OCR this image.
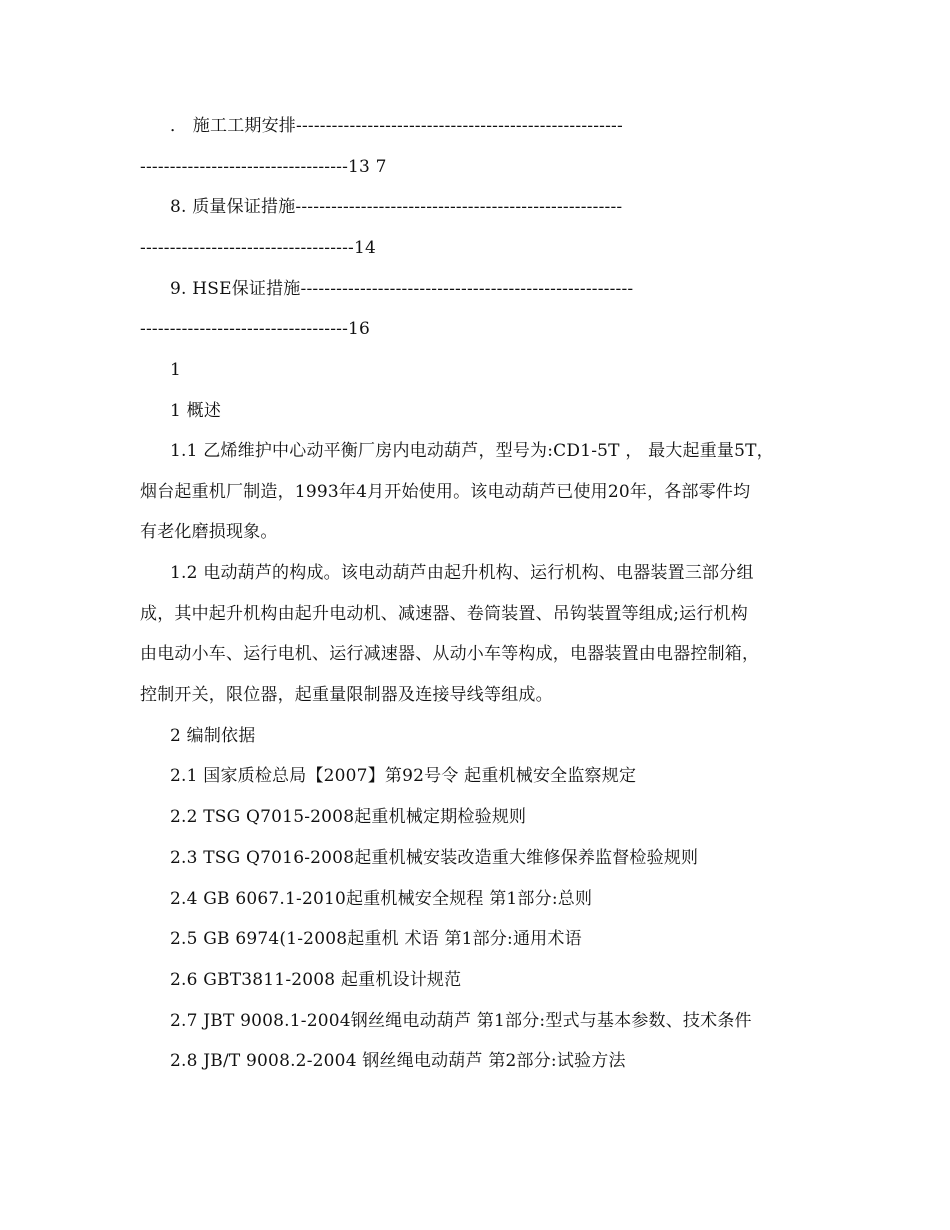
． 施工工期安排-------------------------------------------------------
-----------------------------------13 7
8. 质量保证措施-------------------------------------------------------
------------------------------------14
9. HSE保证措施--------------------------------------------------------
-----------------------------------16
1
1 概述
1.1 乙烯维护中心动平衡厂房内电动葫芦，型号为:CD1-5T ， 最大起重量5T，
烟台起重机厂制造，1993年4月开始使用。该电动葫芦已使用20年，各部零件均
有老化磨损现象。
1.2 电动葫芦的构成。该电动葫芦由起升机构、运行机构、电器装置三部分组
成，其中起升机构由起升电动机、减速器、卷筒装置、吊钩装置等组成;运行机构
由电动小车、运行电机、运行减速器、从动小车等构成，电器装置由电器控制箱，
控制开关，限位器，起重量限制器及连接导线等组成。
2 编制依据
2.1 国家质检总局【2007】第92号令 起重机械安全监察规定
2.2 TSG Q7015-2008起重机械定期检验规则
2.3 TSG Q7016-2008起重机械安装改造重大维修保养监督检验规则
2.4 GB 6067.1-2010起重机械安全规程 第1部分:总则
2.5 GB 6974(1-2008起重机 术语 第1部分:通用术语
2.6 GBT3811-2008 起重机设计规范
2.7 JBT 9008.1-2004钢丝绳电动葫芦 第1部分:型式与基本参数、技术条件
2.8 JB/T 9008.2-2004 钢丝绳电动葫芦 第2部分:试验方法
